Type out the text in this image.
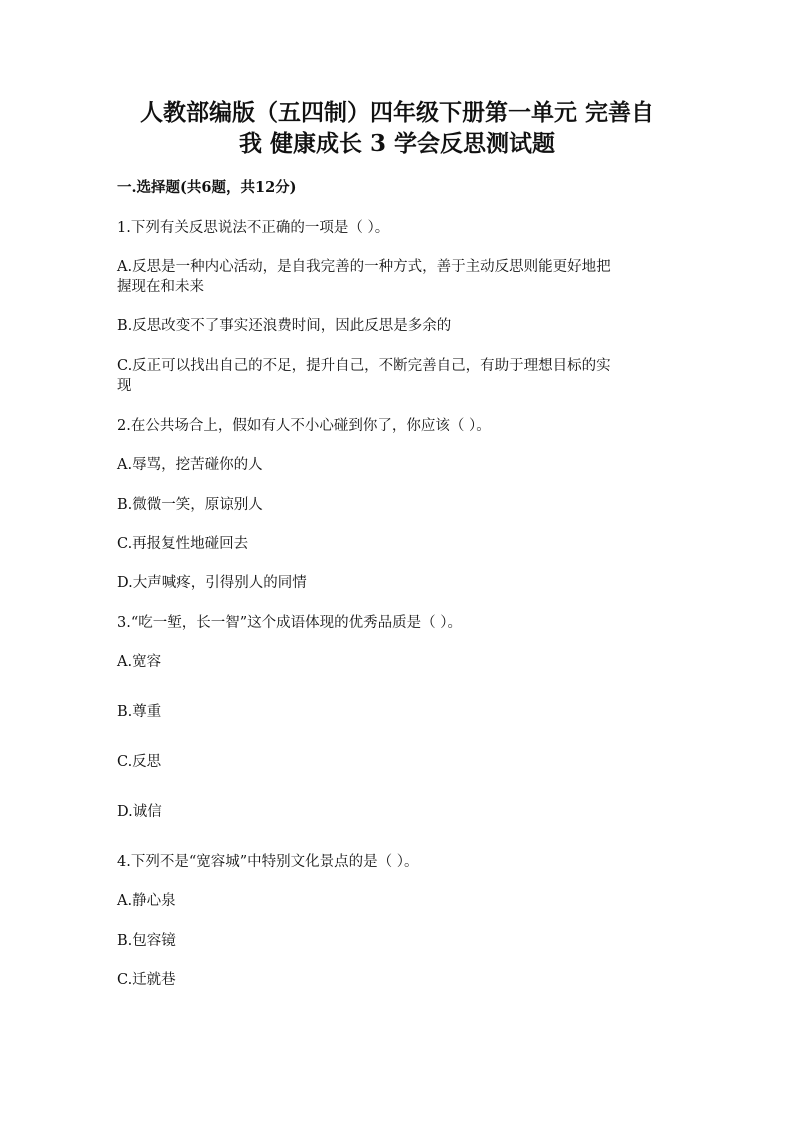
人教部编版（五四制）四年级下册第一单元 完善自
我 健康成长 3 学会反思测试题
一.选择题(共6题，共12分)
1.下列有关反思说法不正确的一项是（ ）。
A.反思是一种内心活动，是自我完善的一种方式，善于主动反思则能更好地把
握现在和未来
B.反思改变不了事实还浪费时间，因此反思是多余的
C.反正可以找出自己的不足，提升自己，不断完善自己，有助于理想目标的实
现
2.在公共场合上，假如有人不小心碰到你了，你应该（ ）。
A.辱骂，挖苦碰你的人
B.微微一笑，原谅别人
C.再报复性地碰回去
D.大声喊疼，引得别人的同情
3.“吃一堑，长一智”这个成语体现的优秀品质是（ ）。
A.宽容
B.尊重
C.反思
D.诚信
4.下列不是“宽容城”中特别文化景点的是（ ）。
A.静心泉
B.包容镜
C.迁就巷
